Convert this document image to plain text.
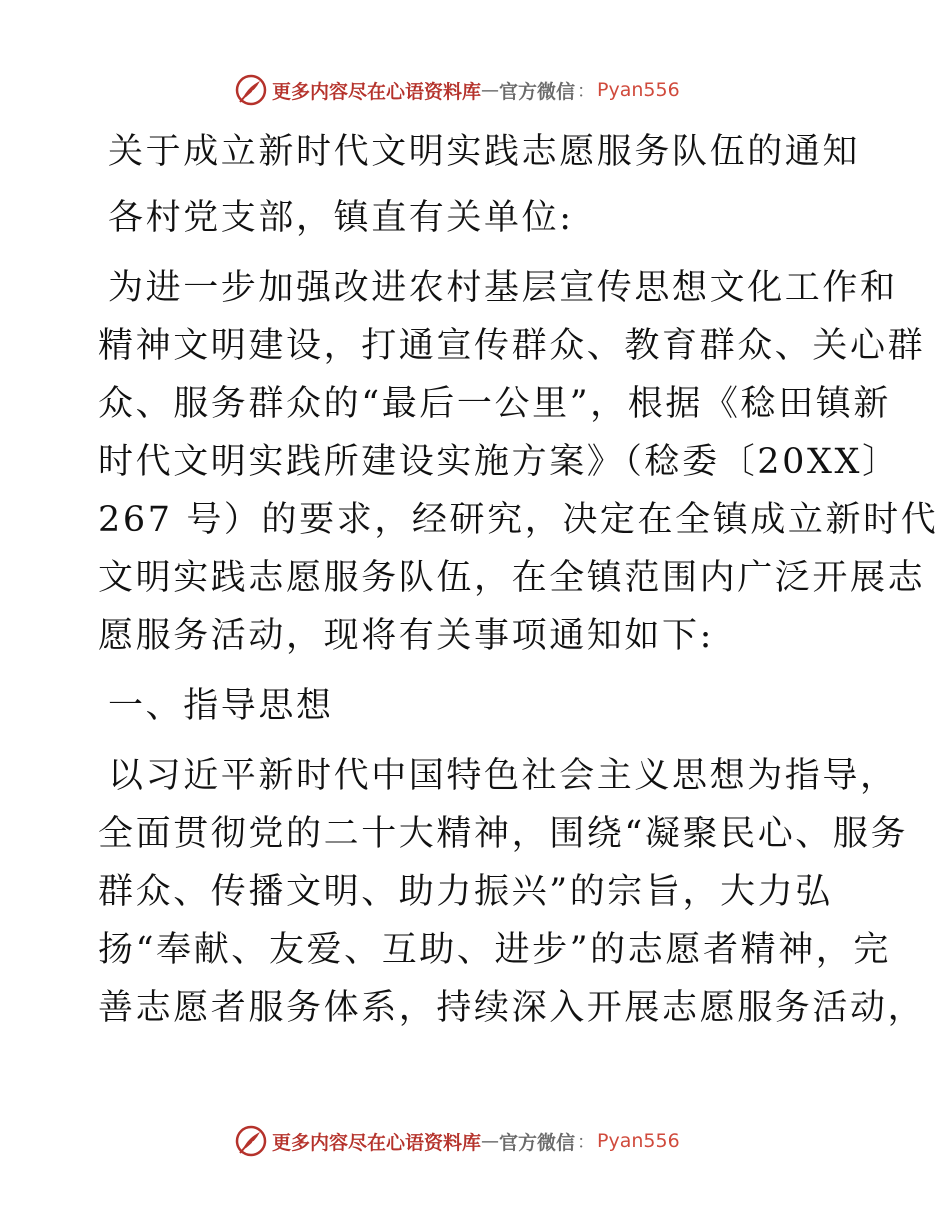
更多内容尽在心语资料库 — 官方微信 ： Pyan556
关于成立新时代文明实践志愿服务队伍的通知
各村党支部，镇直有关单位:
为进一步加强改进农村基层宣传思想文化工作和
精神文明建设，打通宣传群众、教育群众、关心群
众、服务群众的“最后一公里”，根据《稔田镇新
时代文明实践所建设实施方案》（稔委〔20XX〕
267 号）的要求，经研究，决定在全镇成立新时代
文明实践志愿服务队伍，在全镇范围内广泛开展志
愿服务活动，现将有关事项通知如下:
一、指导思想
以习近平新时代中国特色社会主义思想为指导，
全面贯彻党的二十大精神，围绕“凝聚民心、服务
群众、传播文明、助力振兴”的宗旨，大力弘
扬“奉献、友爱、互助、进步”的志愿者精神，完
善志愿者服务体系，持续深入开展志愿服务活动，
更多内容尽在心语资料库 — 官方微信 ： Pyan556
